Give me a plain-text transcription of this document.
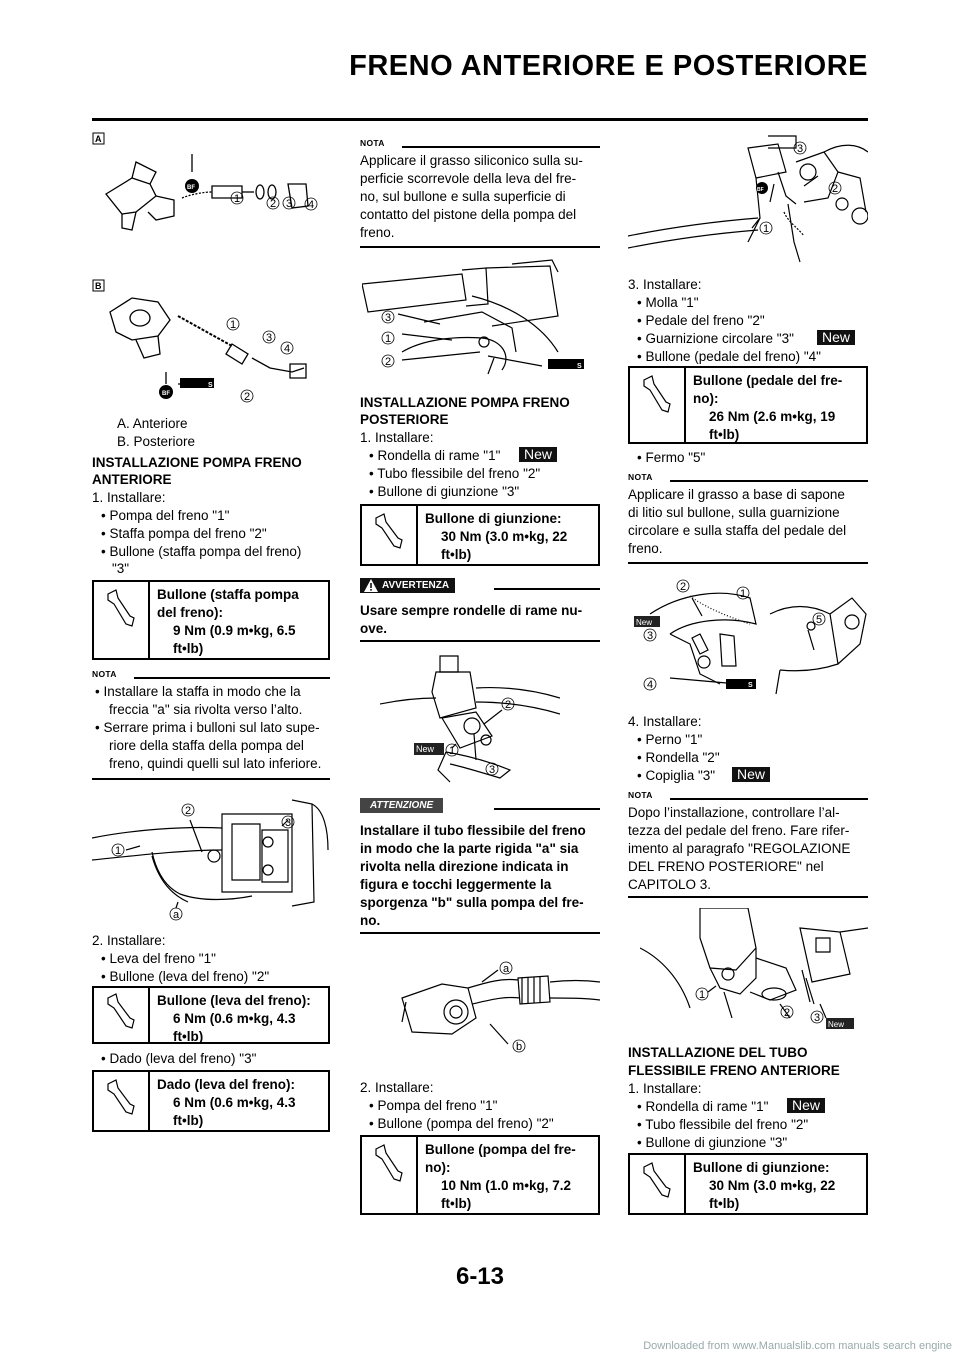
FRENO ANTERIORE E POSTERIORE
A
BF
1	2 3 4
B
1
3
4
2
S
BF
A. Anteriore
B. Posteriore
INSTALLAZIONE POMPA FRENO
ANTERIORE
1. Installare:
• Pompa del freno "1"
• Staffa pompa del freno "2"
• Bullone (staffa pompa del freno)
"3"
Bullone (staffa pompa
del freno):
9 Nm (0.9 m•kg, 6.5
ft•lb)
NOTA
• Installare la staffa in modo che la
freccia "a" sia rivolta verso l’alto.
• Serrare prima i bulloni sul lato supe-
riore della staffa della pompa del
freno, quindi quelli sul lato inferiore.
1
2
3
a
2. Installare:
• Leva del freno "1"
• Bullone (leva del freno) "2"
Bullone (leva del freno):
6 Nm (0.6 m•kg, 4.3
ft•lb)
• Dado (leva del freno) "3"
Dado (leva del freno):
6 Nm (0.6 m•kg, 4.3
ft•lb)
NOTA
Applicare il grasso siliconico sulla su-
perficie scorrevole della leva del fre-
no, sul bullone e sulla superficie di
contatto del pistone della pompa del
freno.
S
3
1
2
INSTALLAZIONE POMPA FRENO
POSTERIORE
1. Installare:
• Rondella di rame "1"	New
• Tubo flessibile del freno "2"
• Bullone di giunzione "3"
Bullone di giunzione:
30 Nm (3.0 m•kg, 22
ft•lb)
AVVERTENZA
Usare sempre rondelle di rame nu-
ove.
2
1
3
New
ATTENZIONE
Installare il tubo flessibile del freno
in modo che la parte rigida "a" sia
rivolta nella direzione indicata in
figura e tocchi leggermente la
sporgenza "b" sulla pompa del fre-
no.
a
b
2. Installare:
• Pompa del freno "1"
• Bullone (pompa del freno) "2"
Bullone (pompa del fre-
no):
10 Nm (1.0 m•kg, 7.2
ft•lb)
3
2
1
BF
3. Installare:
• Molla "1"
• Pedale del freno "2"
• Guarnizione circolare "3"	New
• Bullone (pedale del freno) "4"
Bullone (pedale del fre-
no):
26 Nm (2.6 m•kg, 19
ft•lb)
• Fermo "5"
NOTA
Applicare il grasso a base di sapone
di litio sul bullone, sulla guarnizione
circolare e sulla staffa del pedale del
freno.
S
New
2
1
3
4
5
4. Installare:
• Perno "1"
• Rondella "2"
• Copiglia "3"	New
NOTA
Dopo l’installazione, controllare l’al-
tezza del pedale del freno. Fare rifer-
imento al paragrafo "REGOLAZIONE
DEL FRENO POSTERIORE" nel
CAPITOLO 3.
1
2 3
New
INSTALLAZIONE DEL TUBO
FLESSIBILE FRENO ANTERIORE
1. Installare:
• Rondella di rame "1"	New
• Tubo flessibile del freno "2"
• Bullone di giunzione "3"
Bullone di giunzione:
30 Nm (3.0 m•kg, 22
ft•lb)
6-13
Downloaded from www.Manualslib.com manuals search engine
